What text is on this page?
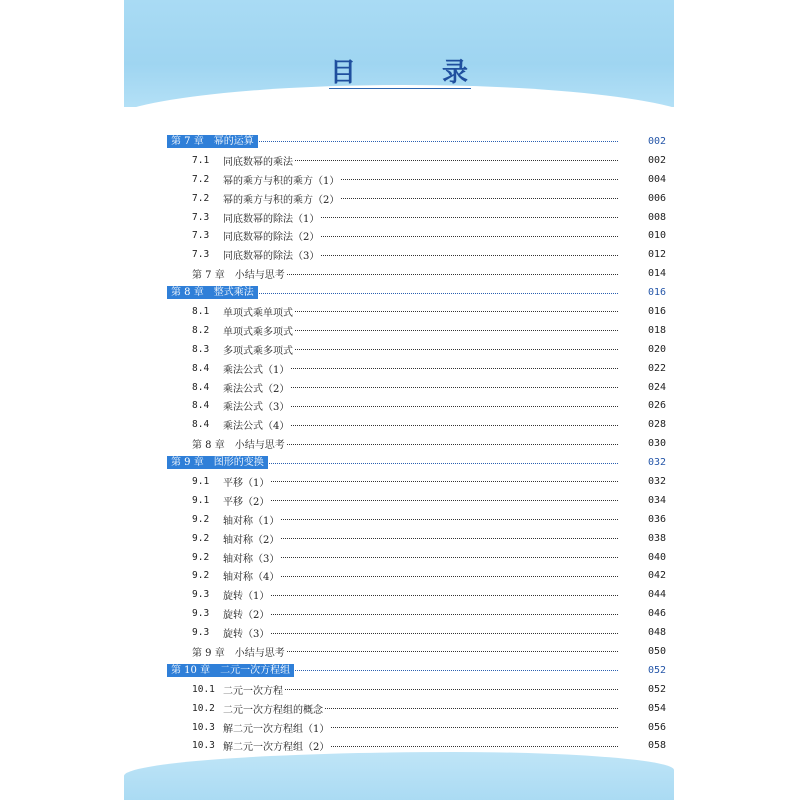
目　录
第 7 章　幂的运算	002
7.1	同底数幂的乘法	002
7.2	幂的乘方与积的乘方（1）	004
7.2	幂的乘方与积的乘方（2）	006
7.3	同底数幂的除法（1）	008
7.3	同底数幂的除法（2）	010
7.3	同底数幂的除法（3）	012
第 7 章　小结与思考	014
第 8 章　整式乘法	016
8.1	单项式乘单项式	016
8.2	单项式乘多项式	018
8.3	多项式乘多项式	020
8.4	乘法公式（1）	022
8.4	乘法公式（2）	024
8.4	乘法公式（3）	026
8.4	乘法公式（4）	028
第 8 章　小结与思考	030
第 9 章　图形的变换	032
9.1	平移（1）	032
9.1	平移（2）	034
9.2	轴对称（1）	036
9.2	轴对称（2）	038
9.2	轴对称（3）	040
9.2	轴对称（4）	042
9.3	旋转（1）	044
9.3	旋转（2）	046
9.3	旋转（3）	048
第 9 章　小结与思考	050
第 10 章　二元一次方程组	052
10.1 二元一次方程	052
10.2 二元一次方程组的概念	054
10.3 解二元一次方程组（1）	056
10.3 解二元一次方程组（2）	058
